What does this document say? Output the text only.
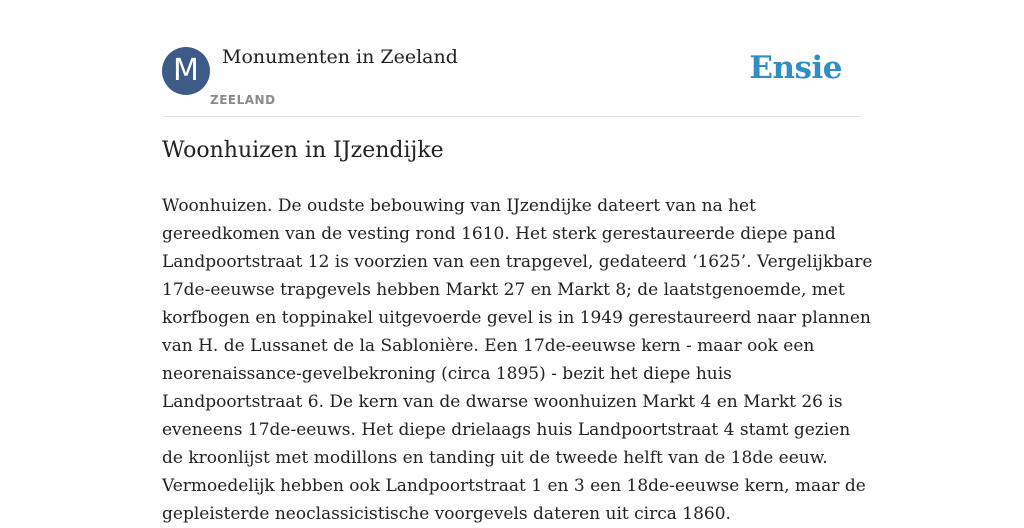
M	Monumenten in Zeeland
ZEELAND
Ensie
Woonhuizen in IJzendijke
Woonhuizen. De oudste bebouwing van IJzendijke dateert van na het
gereedkomen van de vesting rond 1610. Het sterk gerestaureerde diepe pand
Landpoortstraat 12 is voorzien van een trapgevel, gedateerd ‘1625’. Vergelijkbare
17de-eeuwse trapgevels hebben Markt 27 en Markt 8; de laatstgenoemde, met
korfbogen en toppinakel uitgevoerde gevel is in 1949 gerestaureerd naar plannen
van H. de Lussanet de la Sablonière. Een 17de-eeuwse kern - maar ook een
neorenaissance-gevelbekroning (circa 1895) - bezit het diepe huis
Landpoortstraat 6. De kern van de dwarse woonhuizen Markt 4 en Markt 26 is
eveneens 17de-eeuws. Het diepe drielaags huis Landpoortstraat 4 stamt gezien
de kroonlijst met modillons en tanding uit de tweede helft van de 18de eeuw.
Vermoedelijk hebben ook Landpoortstraat 1 en 3 een 18de-eeuwse kern, maar de
gepleisterde neoclassicistische voorgevels dateren uit circa 1860.
